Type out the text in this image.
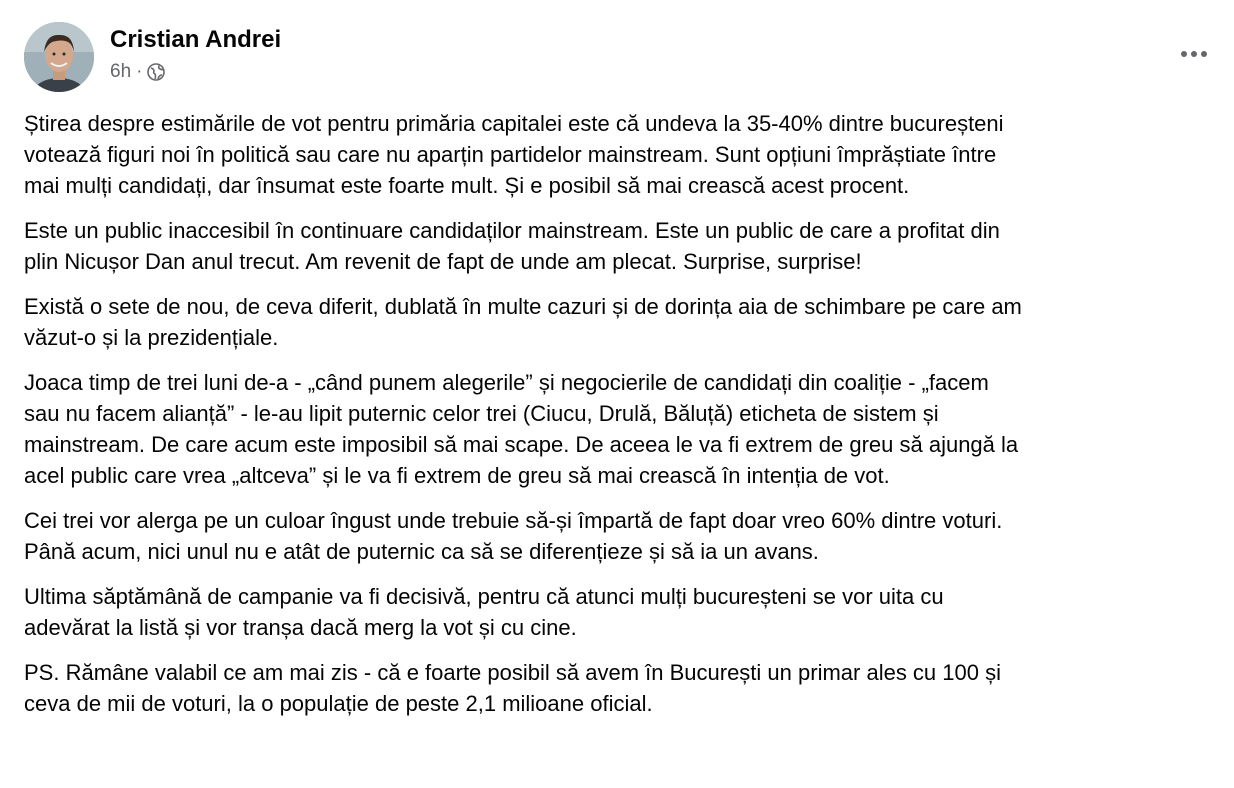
Cristian Andrei
6h ·
Știrea despre estimările de vot pentru primăria capitalei este că undeva la 35-40% dintre bucureșteni
votează figuri noi în politică sau care nu aparțin partidelor mainstream. Sunt opțiuni împrăștiate între
mai mulți candidați, dar însumat este foarte mult. Și e posibil să mai crească acest procent.
Este un public inaccesibil în continuare candidaților mainstream. Este un public de care a profitat din
plin Nicușor Dan anul trecut. Am revenit de fapt de unde am plecat. Surprise, surprise!
Există o sete de nou, de ceva diferit, dublată în multe cazuri și de dorința aia de schimbare pe care am
văzut-o și la prezidențiale.
Joaca timp de trei luni de-a - „când punem alegerile” și negocierile de candidați din coaliție - „facem
sau nu facem alianță” - le-au lipit puternic celor trei (Ciucu, Drulă, Băluță) eticheta de sistem și
mainstream. De care acum este imposibil să mai scape. De aceea le va fi extrem de greu să ajungă la
acel public care vrea „altceva” și le va fi extrem de greu să mai crească în intenția de vot.
Cei trei vor alerga pe un culoar îngust unde trebuie să-și împartă de fapt doar vreo 60% dintre voturi.
Până acum, nici unul nu e atât de puternic ca să se diferențieze și să ia un avans.
Ultima săptămână de campanie va fi decisivă, pentru că atunci mulți bucureșteni se vor uita cu
adevărat la listă și vor tranșa dacă merg la vot și cu cine.
PS. Rămâne valabil ce am mai zis - că e foarte posibil să avem în București un primar ales cu 100 și
ceva de mii de voturi, la o populație de peste 2,1 milioane oficial.
